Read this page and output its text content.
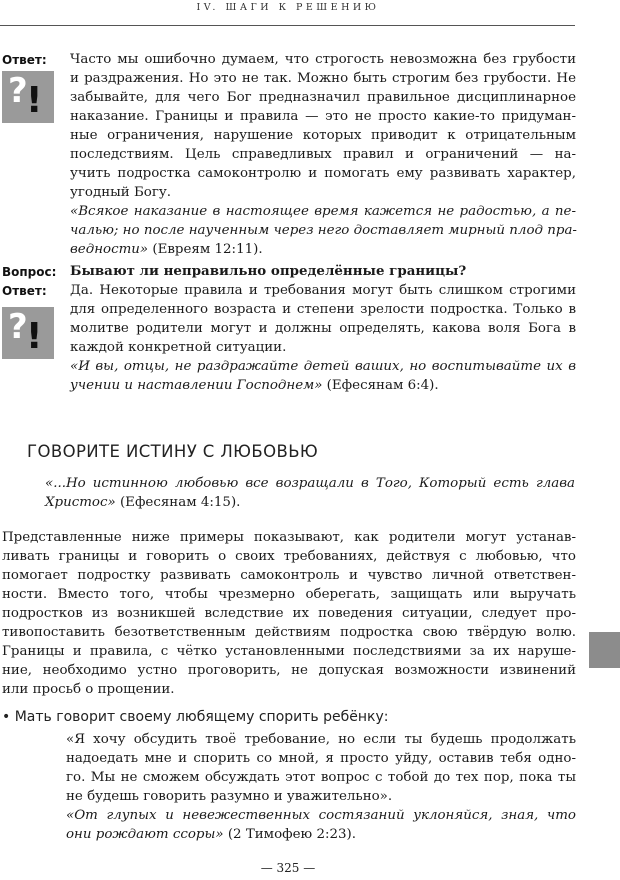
IV. ШАГИ К РЕШЕНИЮ
Ответ:
?
!
Часто мы ошибочно думаем, что строгость невозможна без грубости
и раздражения. Но это не так. Можно быть строгим без грубости. Не
забывайте, для чего Бог предназначил правильное дисциплинарное
наказание. Границы и правила — это не просто какие-то придуман-
ные ограничения, нарушение которых приводит к отрицательным
последствиям. Цель справедливых правил и ограничений — на-
учить подростка самоконтролю и помогать ему развивать характер,
угодный Богу.
«Всякое наказание в настоящее время кажется не радостью, а пе-
чалью; но после наученным через него доставляет мирный плод пра-
ведности» (Евреям 12:11).
Вопрос: Бывают ли неправильно определённые границы?
Ответ:
?
!
Да. Некоторые правила и требования могут быть слишком строгими
для определенного возраста и степени зрелости подростка. Только в
молитве родители могут и должны определять, какова воля Бога в
каждой конкретной ситуации.
«И вы, отцы, не раздражайте детей ваших, но воспитывайте их в
учении и наставлении Господнем» (Ефесянам 6:4).
ГОВОРИТЕ ИСТИНУ С ЛЮБОВЬЮ
«...Но истинною любовью все возращали в Того, Который есть глава
Христос» (Ефесянам 4:15).
Представленные ниже примеры показывают, как родители могут устанав-
ливать границы и говорить о своих требованиях, действуя с любовью, что
помогает подростку развивать самоконтроль и чувство личной ответствен-
ности. Вместо того, чтобы чрезмерно оберегать, защищать или выручать
подростков из возникшей вследствие их поведения ситуации, следует про-
тивопоставить безответственным действиям подростка свою твёрдую волю.
Границы и правила, с чётко установленными последствиями за их наруше-
ние, необходимо устно проговорить, не допуская возможности извинений
или просьб о прощении.
• Мать говорит своему любящему спорить ребёнку:
«Я хочу обсудить твоё требование, но если ты будешь продолжать
надоедать мне и спорить со мной, я просто уйду, оставив тебя одно-
го. Мы не сможем обсуждать этот вопрос с тобой до тех пор, пока ты
не будешь говорить разумно и уважительно».
«От глупых и невежественных состязаний уклоняйся, зная, что
они рождают ссоры» (2 Тимофею 2:23).
— 325 —
